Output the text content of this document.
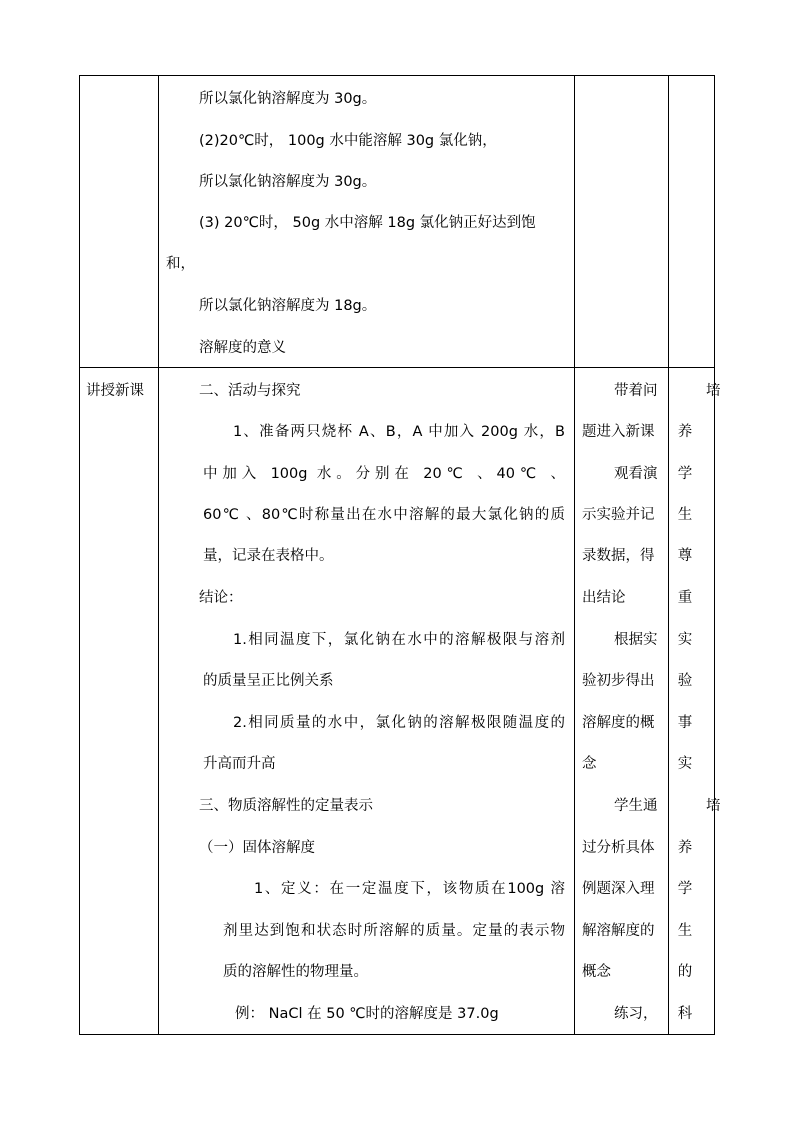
所以氯化钠溶解度为 30g。
(2)20℃时， 100g 水中能溶解 30g 氯化钠，
所以氯化钠溶解度为 30g。
(3) 20℃时， 50g 水中溶解 18g 氯化钠正好达到饱
和，
所以氯化钠溶解度为 18g。
溶解度的意义
讲授新课	二、活动与探究
1、准备两只烧杯 A、B，A 中加入 200g 水，B
中加入 100g 水。分别在 20℃ 、40℃ 、
60℃ 、80℃时称量出在水中溶解的最大氯化钠的质
量，记录在表格中。
结论：
1.相同温度下，氯化钠在水中的溶解极限与溶剂
的质量呈正比例关系
2.相同质量的水中，氯化钠的溶解极限随温度的
升高而升高
三、物质溶解性的定量表示
（一）固体溶解度
1、定义：在一定温度下，该物质在100g 溶
剂里达到饱和状态时所溶解的质量。定量的表示物
质的溶解性的物理量。
例： NaCl 在 50 ℃时的溶解度是 37.0g
带着问
题进入新课
观看演
示实验并记
录数据，得
出结论
根据实
验初步得出
溶解度的概
念
学生通
过分析具体
例题深入理
解溶解度的
概念
练习，
培
培
养
学
生
尊
重
实
验
事
实
养
学
生
的
科
